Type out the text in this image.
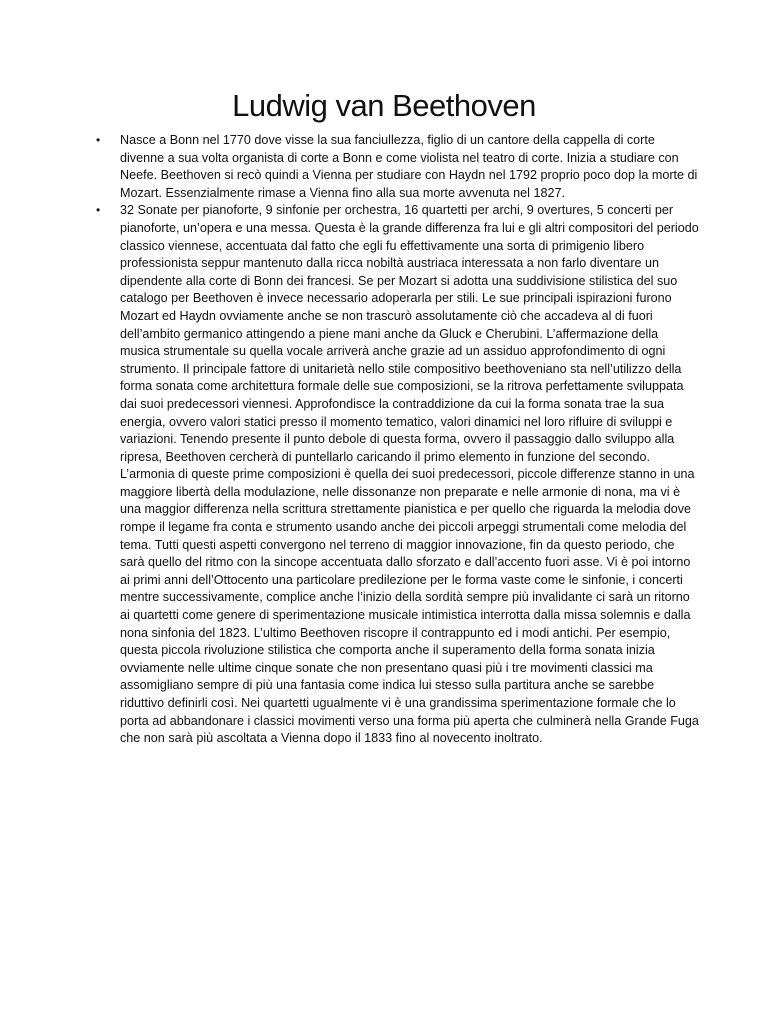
Ludwig van Beethoven
• Nasce a Bonn nel 1770 dove visse la sua fanciullezza, figlio di un cantore della cappella di corte divenne a sua volta organista di corte a Bonn e come violista nel teatro di corte. Inizia a studiare con Neefe. Beethoven si recò quindi a Vienna per studiare con Haydn nel 1792 proprio poco dop la morte di Mozart. Essenzialmente rimase a Vienna fino alla sua morte avvenuta nel 1827.
• 32 Sonate per pianoforte, 9 sinfonie per orchestra, 16 quartetti per archi, 9 overtures, 5 concerti per pianoforte, un’opera e una messa. Questa è la grande differenza fra lui e gli altri compositori del periodo classico viennese, accentuata dal fatto che egli fu effettivamente una sorta di primigenio libero professionista seppur mantenuto dalla ricca nobiltà austriaca interessata a non farlo diventare un dipendente alla corte di Bonn dei francesi. Se per Mozart si adotta una suddivisione stilistica del suo catalogo per Beethoven è invece necessario adoperarla per stili. Le sue principali ispirazioni furono Mozart ed Haydn ovviamente anche se non trascurò assolutamente ciò che accadeva al di fuori dell’ambito germanico attingendo a piene mani anche da Gluck e Cherubini. L’affermazione della musica strumentale su quella vocale arriverà anche grazie ad un assiduo approfondimento di ogni strumento. Il principale fattore di unitarietà nello stile compositivo beethoveniano sta nell’utilizzo della forma sonata come architettura formale delle sue composizioni, se la ritrova perfettamente sviluppata dai suoi predecessori viennesi. Approfondisce la contraddizione da cui la forma sonata trae la sua energia, ovvero valori statici presso il momento tematico, valori dinamici nel loro rifluire di sviluppi e variazioni. Tenendo presente il punto debole di questa forma, ovvero il passaggio dallo sviluppo alla ripresa, Beethoven cercherà di puntellarlo caricando il primo elemento in funzione del secondo. L’armonia di queste prime composizioni è quella dei suoi predecessori, piccole differenze stanno in una maggiore libertà della modulazione, nelle dissonanze non preparate e nelle armonie di nona, ma vi è una maggior differenza nella scrittura strettamente pianistica e per quello che riguarda la melodia dove rompe il legame fra conta e strumento usando anche dei piccoli arpeggi strumentali come melodia del tema. Tutti questi aspetti convergono nel terreno di maggior innovazione, fin da questo periodo, che sarà quello del ritmo con la sincope accentuata dallo sforzato e dall’accento fuori asse. Vi è poi intorno ai primi anni dell’Ottocento una particolare predilezione per le forma vaste come le sinfonie, i concerti mentre successivamente, complice anche l’inizio della sordità sempre più invalidante ci sarà un ritorno ai quartetti come genere di sperimentazione musicale intimistica interrotta dalla missa solemnis e dalla nona sinfonia del 1823. L’ultimo Beethoven riscopre il contrappunto ed i modi antichi. Per esempio, questa piccola rivoluzione stilistica che comporta anche il superamento della forma sonata inizia ovviamente nelle ultime cinque sonate che non presentano quasi più i tre movimenti classici ma assomigliano sempre di più una fantasia come indica lui stesso sulla partitura anche se sarebbe riduttivo definirli così. Nei quartetti ugualmente vi è una grandissima sperimentazione formale che lo porta ad abbandonare i classici movimenti verso una forma più aperta che culminerà nella Grande Fuga che non sarà più ascoltata a Vienna dopo il 1833 fino al novecento inoltrato.
